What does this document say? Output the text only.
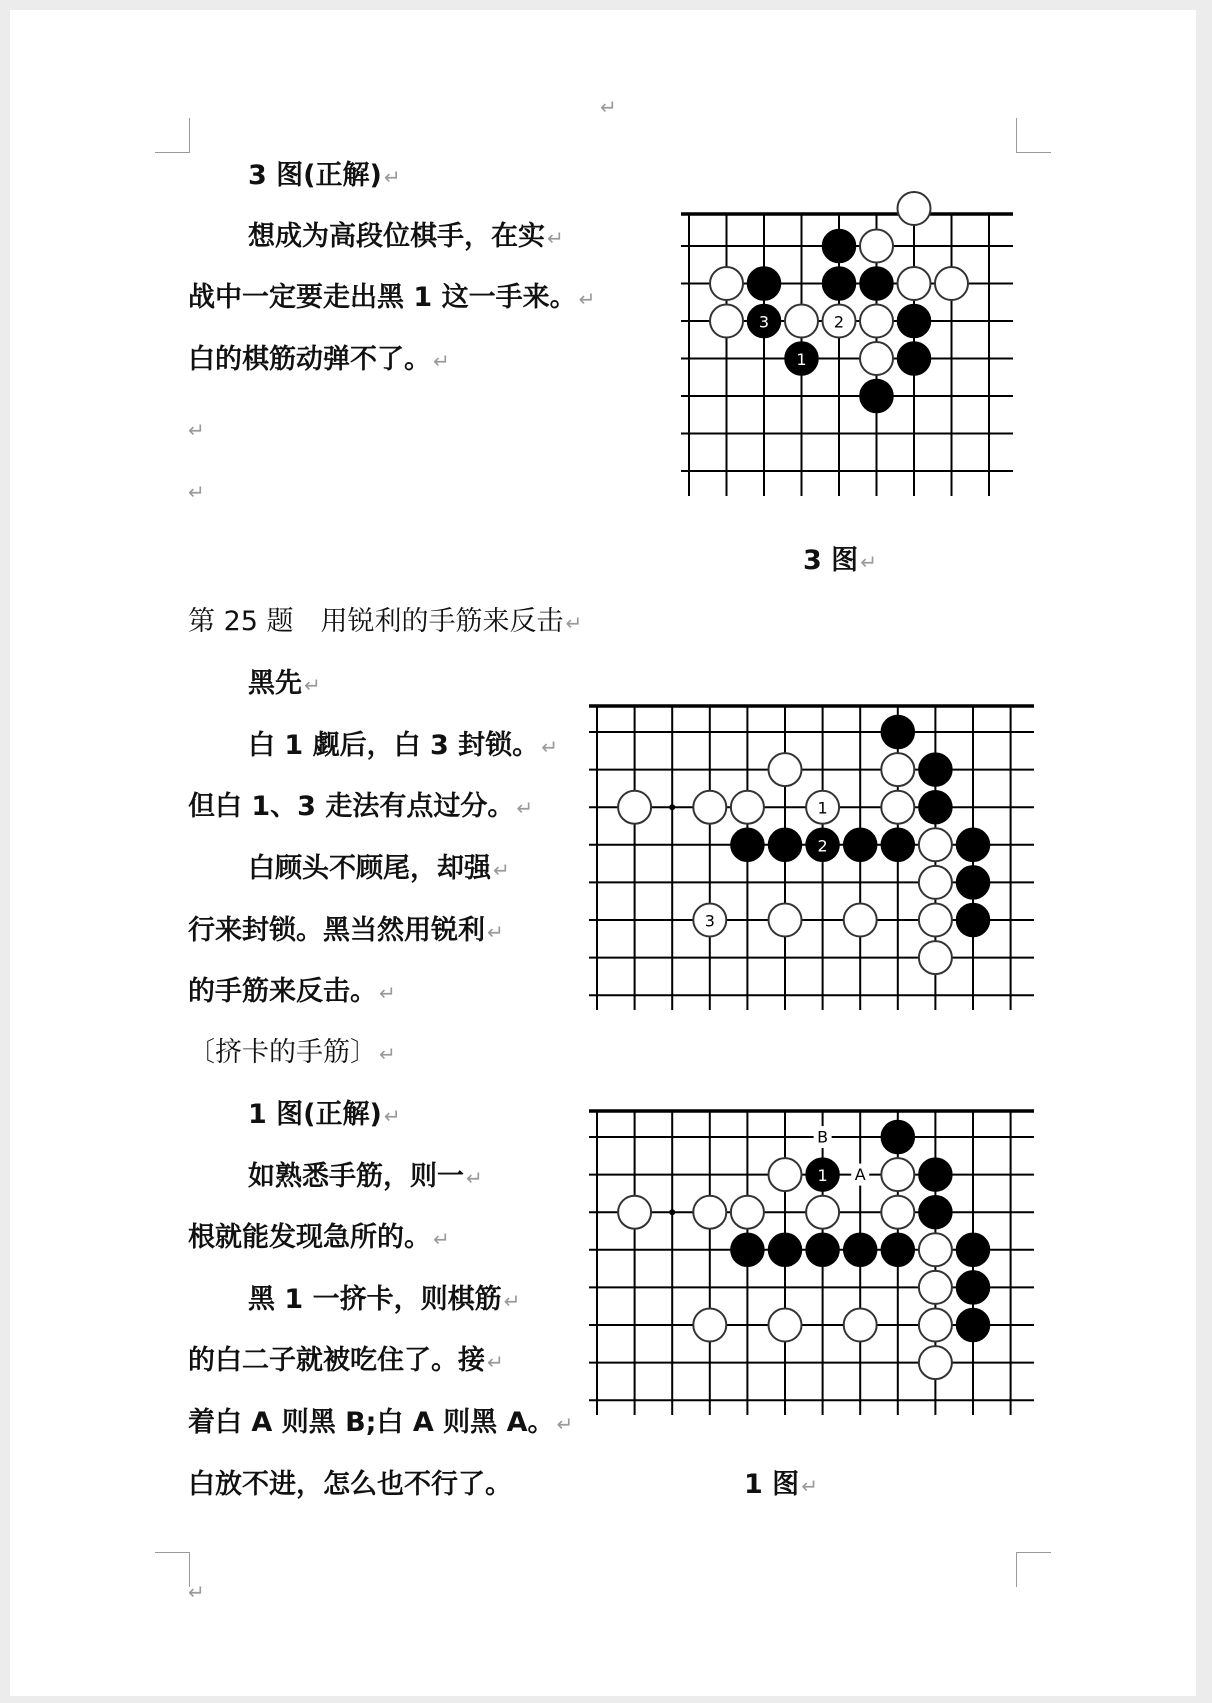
↵
3 图(正解) ↵
想成为高段位棋手，在实 ↵
战中一定要走出黑 1 这一手来。 ↵
白的棋筋动弹不了。 ↵
↵
↵
3	2
1
3 图 ↵
第 25 题　用锐利的手筋来反击 ↵
黑先 ↵
白 1 觑后，白 3 封锁。 ↵
但白 1、3 走法有点过分。 ↵
白顾头不顾尾，却强 ↵
行来封锁。黑当然用锐利 ↵
的手筋来反击。 ↵
〔挤卡的手筋〕 ↵
1
2
3
1 图(正解) ↵
如熟悉手筋，则一 ↵
根就能发现急所的。 ↵
黑 1 一挤卡，则棋筋 ↵
的白二子就被吃住了。接 ↵
着白 A 则黑 B;白 A 则黑 A。 ↵
白放不进，怎么也不行了。
B
A
1
1 图 ↵
↵
